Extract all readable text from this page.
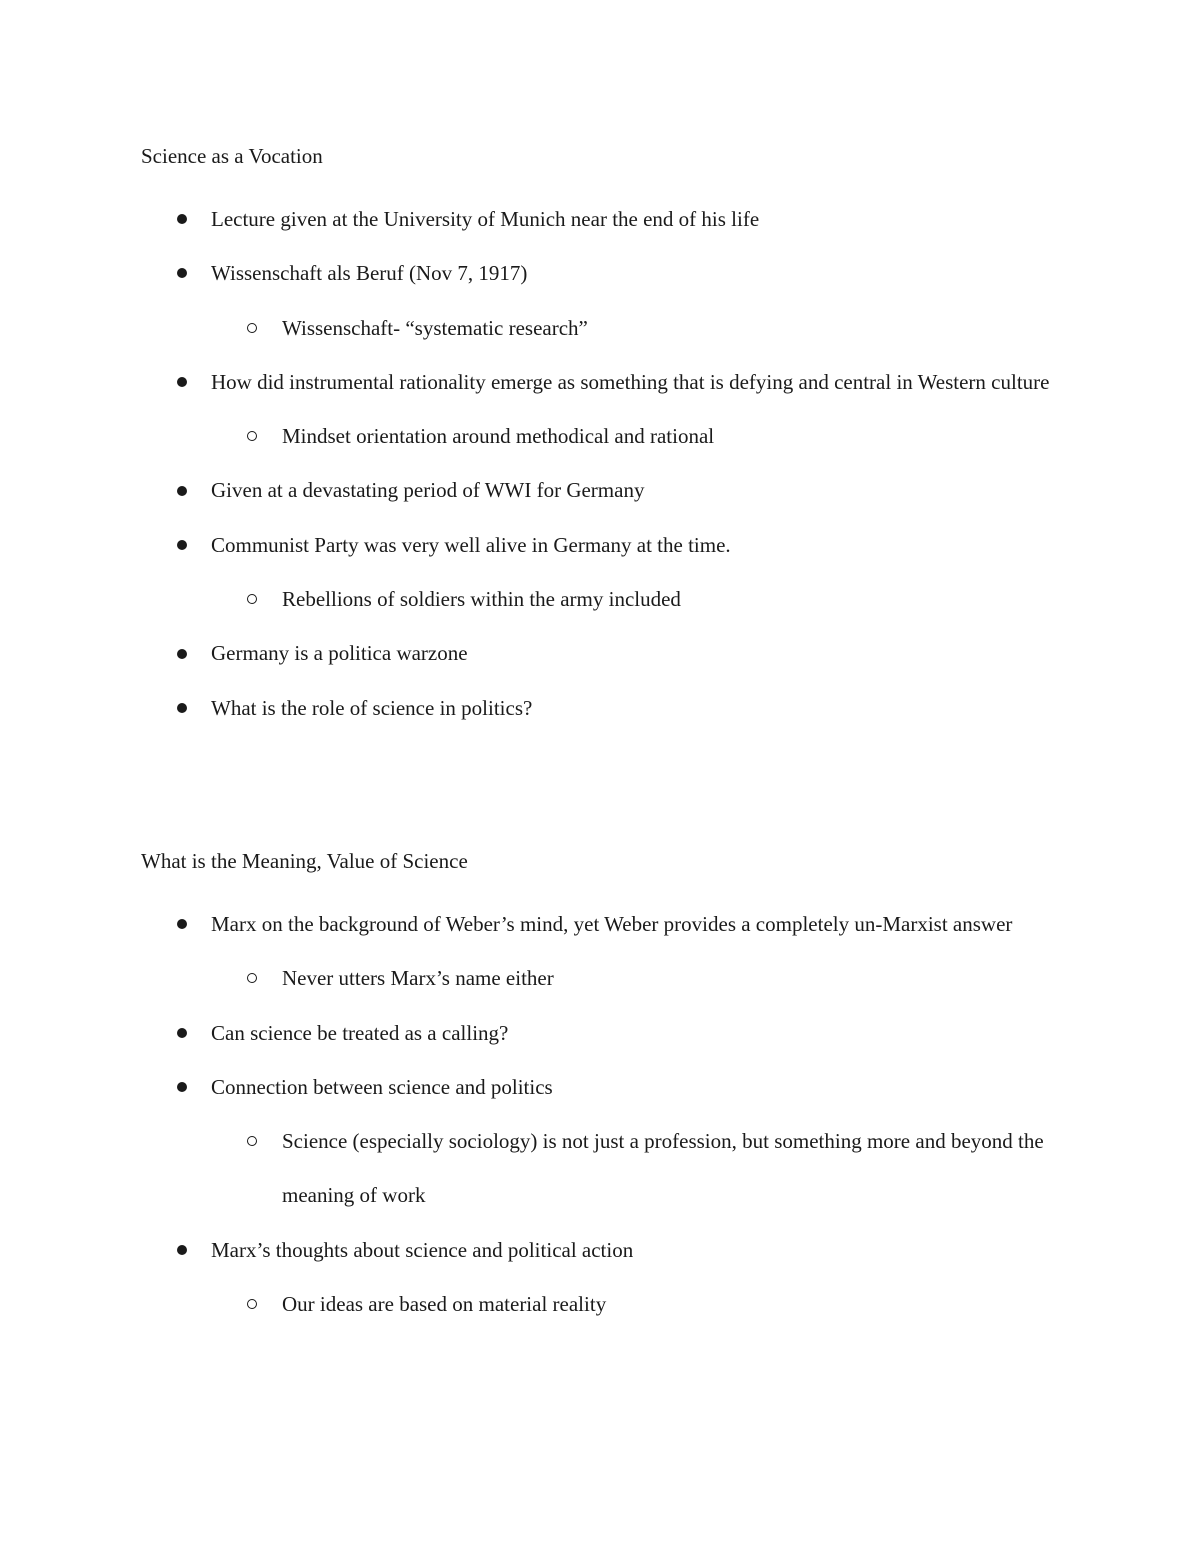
Science as a Vocation
Lecture given at the University of Munich near the end of his life
Wissenschaft als Beruf (Nov 7, 1917)
Wissenschaft- “systematic research”
How did instrumental rationality emerge as something that is defying and central in Western culture
Mindset orientation around methodical and rational
Given at a devastating period of WWI for Germany
Communist Party was very well alive in Germany at the time.
Rebellions of soldiers within the army included
Germany is a politica warzone
What is the role of science in politics?
What is the Meaning, Value of Science
Marx on the background of Weber’s mind, yet Weber provides a completely un-Marxist answer
Never utters Marx’s name either
Can science be treated as a calling?
Connection between science and politics
Science (especially sociology) is not just a profession, but something more and beyond the meaning of work
Marx’s thoughts about science and political action
Our ideas are based on material reality
